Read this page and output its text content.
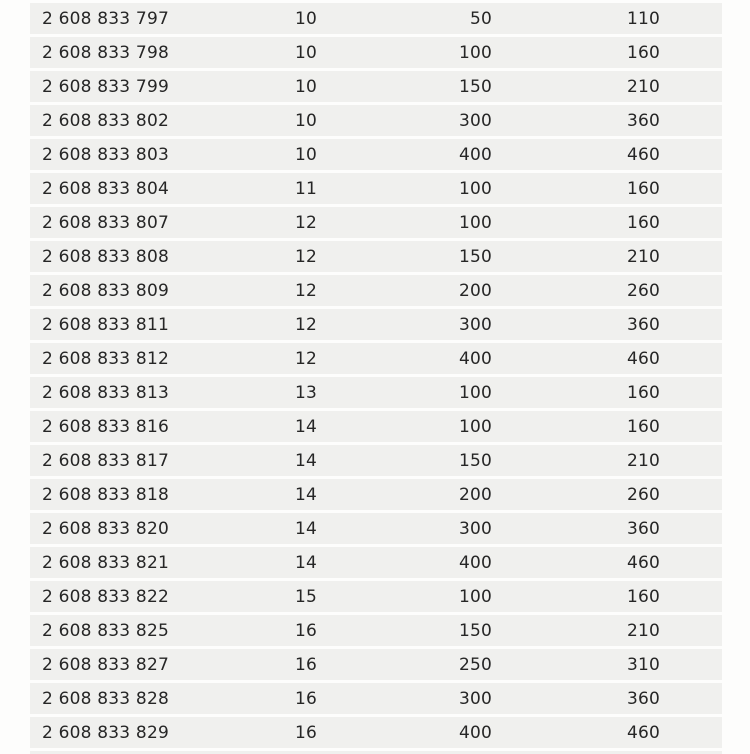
2 608 833 797	10	50	110
2 608 833 798	10	100	160
2 608 833 799	10	150	210
2 608 833 802	10	300	360
2 608 833 803	10	400	460
2 608 833 804	11	100	160
2 608 833 807	12	100	160
2 608 833 808	12	150	210
2 608 833 809	12	200	260
2 608 833 811	12	300	360
2 608 833 812	12	400	460
2 608 833 813	13	100	160
2 608 833 816	14	100	160
2 608 833 817	14	150	210
2 608 833 818	14	200	260
2 608 833 820	14	300	360
2 608 833 821	14	400	460
2 608 833 822	15	100	160
2 608 833 825	16	150	210
2 608 833 827	16	250	310
2 608 833 828	16	300	360
2 608 833 829	16	400	460
